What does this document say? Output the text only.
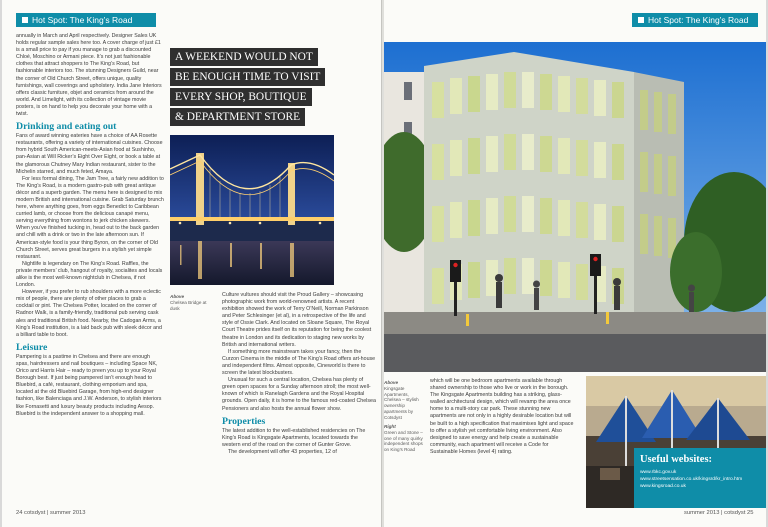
Hot Spot: The King’s Road

annually in March and April respectively. Designer Sales UK holds regular sample sales here too. A cover charge of just £1 is a small price to pay if you manage to grab a discounted Chloé, Moschino or Armani piece. It’s not just fashionable clothes that attract shoppers to The King’s Road, but fashionable interiors too. The stunning Designers Guild, near the corner of Old Church Street, offers unique, quality furnishings, wall coverings and upholstery. India Jane Interiors offers classic furniture, objet and ceramics from around the world. And Limelight, with its collection of vintage movie posters, is on hand to help you decorate your home with a twist.

Drinking and eating out

Fans of award winning eateries have a choice of AA Rosette restaurants, offering a variety of international cuisines. Choose from hybrid South American-meets-Asian food at Sushinho, pan-Asian at Will Ricker’s Eight Over Eight, or book a table at the glamorous Chutney Mary Indian restaurant, sister to the Michelin starred, and much feted, Amaya.

For less formal dining, The Jam Tree, a fairly new addition to The King’s Road, is a modern gastro-pub with great antique décor and a superb garden. The menu here is designed to mix modern British and international cuisine. Grab Saturday brunch here, where anything goes, from eggs Benedict to Caribbean curried lamb, or choose from the delicious canapé menu, serving everything from wontons to jerk chicken skewers. When you’ve finished tucking in, head out to the back garden and chill with a drink or two in the late afternoon sun. If American-style food is your thing Byron, on the corner of Old Church Street, serves great burgers in a stylish yet simple restaurant.

Nightlife is legendary on The King’s Road. Raffles, the private members’ club, hangout of royalty, socialites and locals alike is the most well-known nightclub in Chelsea, if not London.

However, if you prefer to rub shoulders with a more eclectic mix of people, there are plenty of other places to grab a cocktail or pint. The Chelsea Potter, located on the corner of Radnor Walk, is a family-friendly, traditional pub serving cask ales and traditional British food. Nearby, the Cadogan Arms, a King’s Road institution, is a laid back pub with sleek décor and a billiard table to boot.

Leisure

Pampering is a pastime in Chelsea and there are enough spas, hairdressers and nail boutiques – including Space NK, Orico and Harris Hair – ready to preen you up to your Royal Borough best. If just being pampered isn’t enough head to Bluebird, a café, restaurant, clothing emporium and spa, located at the old Bluebird Garage, from high-end designer fashion, like Balenciaga and J.W. Anderson, to stylish interiors like Fornasetti and luxury beauty products including Aesop. Bluebird is the independent answer to a shopping mall.

A WEEKEND WOULD NOT
BE ENOUGH TIME TO VISIT
EVERY SHOP, BOUTIQUE
& DEPARTMENT STORE
Above
Chelsea Bridge at dusk

Culture vultures should visit the Proud Gallery – showcasing photographic work from world-renowned artists. A recent exhibition showed the work of Terry O’Neill, Norman Parkinson and Peter Schlesinger (et al), in a retrospective of the life and style of Ossie Clark. And located on Sloane Square, The Royal Court Theatre prides itself on its reputation for being the coolest theatre in London and its dedication to staging new works by British and international writers.

If something more mainstream takes your fancy, then the Curzon Cinema in the middle of The King’s Road offers art-house and independent films. Almost opposite, Cineworld is there to screen the latest blockbusters.

Unusual for such a central location, Chelsea has plenty of green open spaces for a Sunday afternoon stroll; the most well-known of which is Ranelagh Gardens and the Royal Hospital grounds. Open daily, it is home to the famous red-coated Chelsea Pensioners and also hosts the annual flower show.

Properties

The latest addition to the well-established residencies on The King’s Road is Kingsgate Apartments, located towards the western end of the road on the corner of Gunter Grove.

The development will offer 43 properties, 12 of

24 cotsdyst | summer 2013
Hot Spot: The King’s Road
Above
Kingsgate Apartments, Chelsea – stylish ownership apartments by Cotsdyst
Right
Green and Stone – one of many quirky independent shops on King’s Road

which will be one bedroom apartments available through shared ownership to those who live or work in the borough. The Kingsgate Apartments building has a striking, glass-walled architectural design, which will revamp the area once home to a multi-story car park. These stunning new apartments are not only in a highly desirable location but will be built to a high specification that maximises light and space to offer a stylish yet comfortable living environment. Also designed to save energy and help create a sustainable community, each apartment will receive a Code for Sustainable Homes (level 4) rating.

Useful websites:
www.rbkc.gov.uk
www.streetsensation.co.uk/kingsrd/kr_intro.htm
www.kingsroad.co.uk
summer 2013 | cotsdyst 25
